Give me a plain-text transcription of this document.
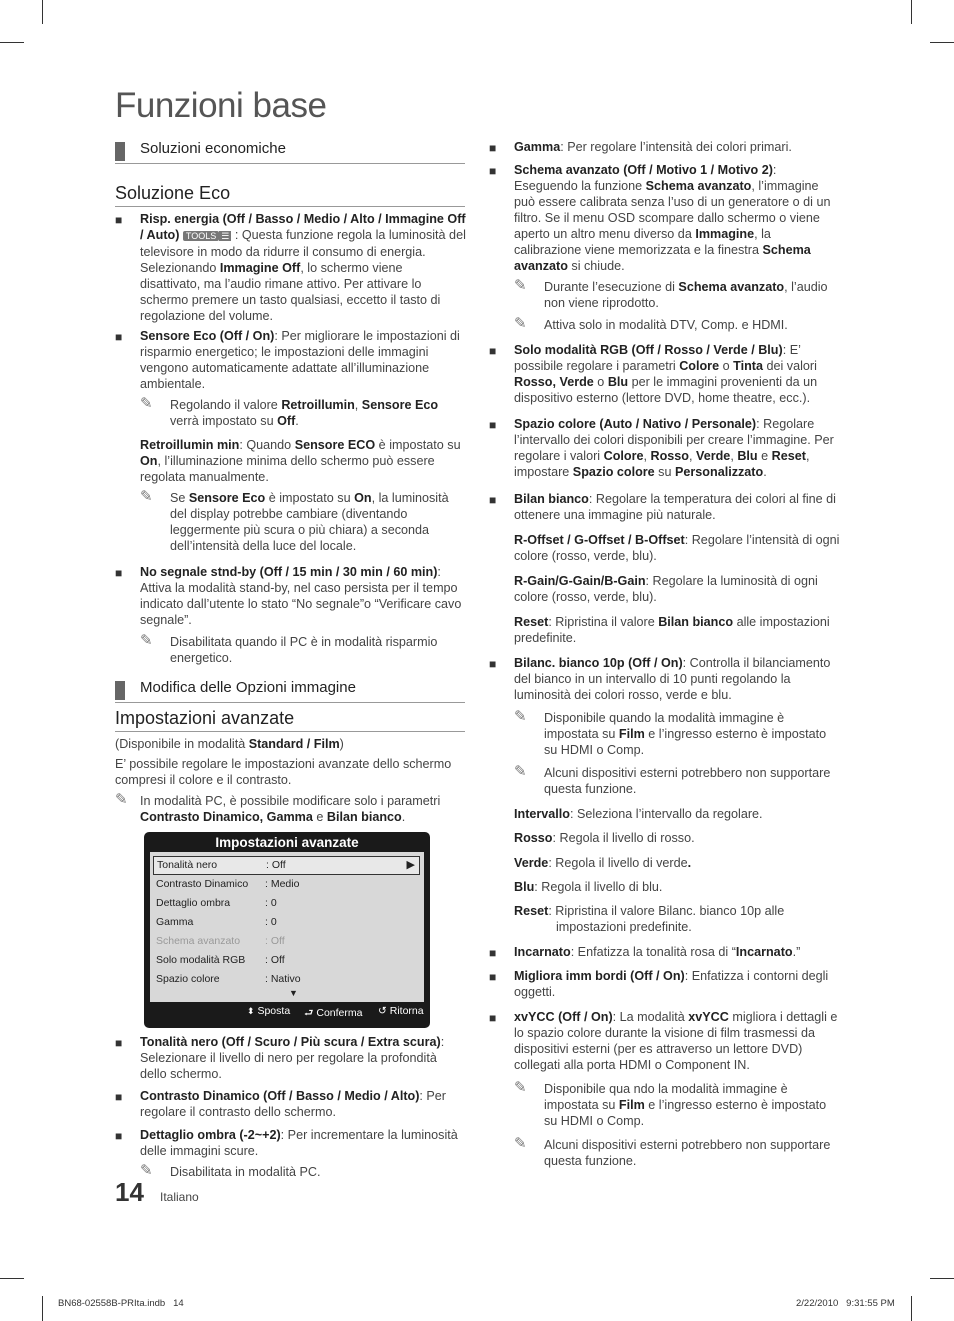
Funzioni base
Soluzioni economiche
Soluzione Eco
■ Risp. energia (Off / Basso / Medio / Alto / Immagine Off / Auto) TOOLS ☰ : Questa funzione regola la luminosità del televisore in modo da ridurre il consumo di energia. Selezionando Immagine Off, lo schermo viene disattivato, ma l’audio rimane attivo. Per attivare lo schermo premere un tasto qualsiasi, eccetto il tasto di regolazione del volume.
■ Sensore Eco (Off / On): Per migliorare le impostazioni di risparmio energetico; le impostazioni delle immagini vengono automaticamente adattate all’illuminazione ambientale.
✎ Regolando il valore Retroillumin, Sensore Eco verrà impostato su Off.
Retroillumin min: Quando Sensore ECO è impostato su On, l’illuminazione minima dello schermo può essere regolata manualmente.
✎ Se Sensore Eco è impostato su On, la luminosità del display potrebbe cambiare (diventando leggermente più scura o più chiara) a seconda dell’intensità della luce del locale.
■ No segnale stnd-by (Off / 15 min / 30 min / 60 min): Attiva la modalità stand-by, nel caso persista per il tempo indicato dall’utente lo stato “No segnale”o “Verificare cavo segnale”.
✎ Disabilitata quando il PC è in modalità risparmio energetico.
Modifica delle Opzioni immagine
Impostazioni avanzate
(Disponibile in modalità Standard / Film)
E’ possibile regolare le impostazioni avanzate dello schermo compresi il colore e il contrasto.
✎ In modalità PC, è possibile modificare solo i parametri Contrasto Dinamico, Gamma e Bilan bianco.
Impostazioni avanzate
Tonalità nero	: Off	▶
Contrasto Dinamico : Medio
Dettaglio ombra	: 0
Gamma	: 0
Schema avanzato : Off
Solo modalità RGB : Off
Spazio colore	: Nativo
▼
⬍ Sposta ⮐ Conferma ↺ Ritorna
■ Tonalità nero (Off / Scuro / Più scura / Extra scura): Selezionare il livello di nero per regolare la profondità dello schermo.
■ Contrasto Dinamico (Off / Basso / Medio / Alto): Per regolare il contrasto dello schermo.
■ Dettaglio ombra (-2~+2): Per incrementare la luminosità delle immagini scure.
✎ Disabilitata in modalità PC.
■ Gamma: Per regolare l’intensità dei colori primari.
■ Schema avanzato (Off / Motivo 1 / Motivo 2): Eseguendo la funzione Schema avanzato, l’immagine può essere calibrata senza l’uso di un generatore o di un filtro. Se il menu OSD scompare dallo schermo o viene aperto un altro menu diverso da Immagine, la calibrazione viene memorizzata e la finestra Schema avanzato si chiude.
✎ Durante l’esecuzione di Schema avanzato, l’audio non viene riprodotto.
✎ Attiva solo in modalità DTV, Comp. e HDMI.
■ Solo modalità RGB (Off / Rosso / Verde / Blu): E’ possibile regolare i parametri Colore o Tinta dei valori Rosso, Verde o Blu per le immagini provenienti da un dispositivo esterno (lettore DVD, home theatre, ecc.).
■ Spazio colore (Auto / Nativo / Personale): Regolare l’intervallo dei colori disponibili per creare l’immagine. Per regolare i valori Colore, Rosso, Verde, Blu e Reset, impostare Spazio colore su Personalizzato.
■ Bilan bianco: Regolare la temperatura dei colori al fine di ottenere una immagine più naturale.
R-Offset / G-Offset / B-Offset: Regolare l’intensità di ogni colore (rosso, verde, blu).
R-Gain/G-Gain/B-Gain: Regolare la luminosità di ogni colore (rosso, verde, blu).
Reset: Ripristina il valore Bilan bianco alle impostazioni predefinite.
■ Bilanc. bianco 10p (Off / On): Controlla il bilanciamento del bianco in un intervallo di 10 punti regolando la luminosità dei colori rosso, verde e blu.
✎ Disponibile quando la modalità immagine è impostata su Film e l’ingresso esterno è impostato su HDMI o Comp.
✎ Alcuni dispositivi esterni potrebbero non supportare questa funzione.
Intervallo: Seleziona l’intervallo da regolare.
Rosso: Regola il livello di rosso.
Verde: Regola il livello di verde.
Blu: Regola il livello di blu.
Reset: Ripristina il valore Bilanc. bianco 10p alle
impostazioni predefinite.
■ Incarnato: Enfatizza la tonalità rosa di “Incarnato.”
■ Migliora imm bordi (Off / On): Enfatizza i contorni degli oggetti.
■ xvYCC (Off / On): La modalità xvYCC migliora i dettagli e lo spazio colore durante la visione di film trasmessi da dispositivi esterni (per es attraverso un lettore DVD) collegati alla porta HDMI o Component IN.
✎ Disponibile qua ndo la modalità immagine è impostata su Film e l’ingresso esterno è impostato su HDMI o Comp.
✎ Alcuni dispositivi esterni potrebbero non supportare questa funzione.
14 Italiano
BN68-02558B-PRIta.indb   14	2/22/2010   9:31:55 PM
